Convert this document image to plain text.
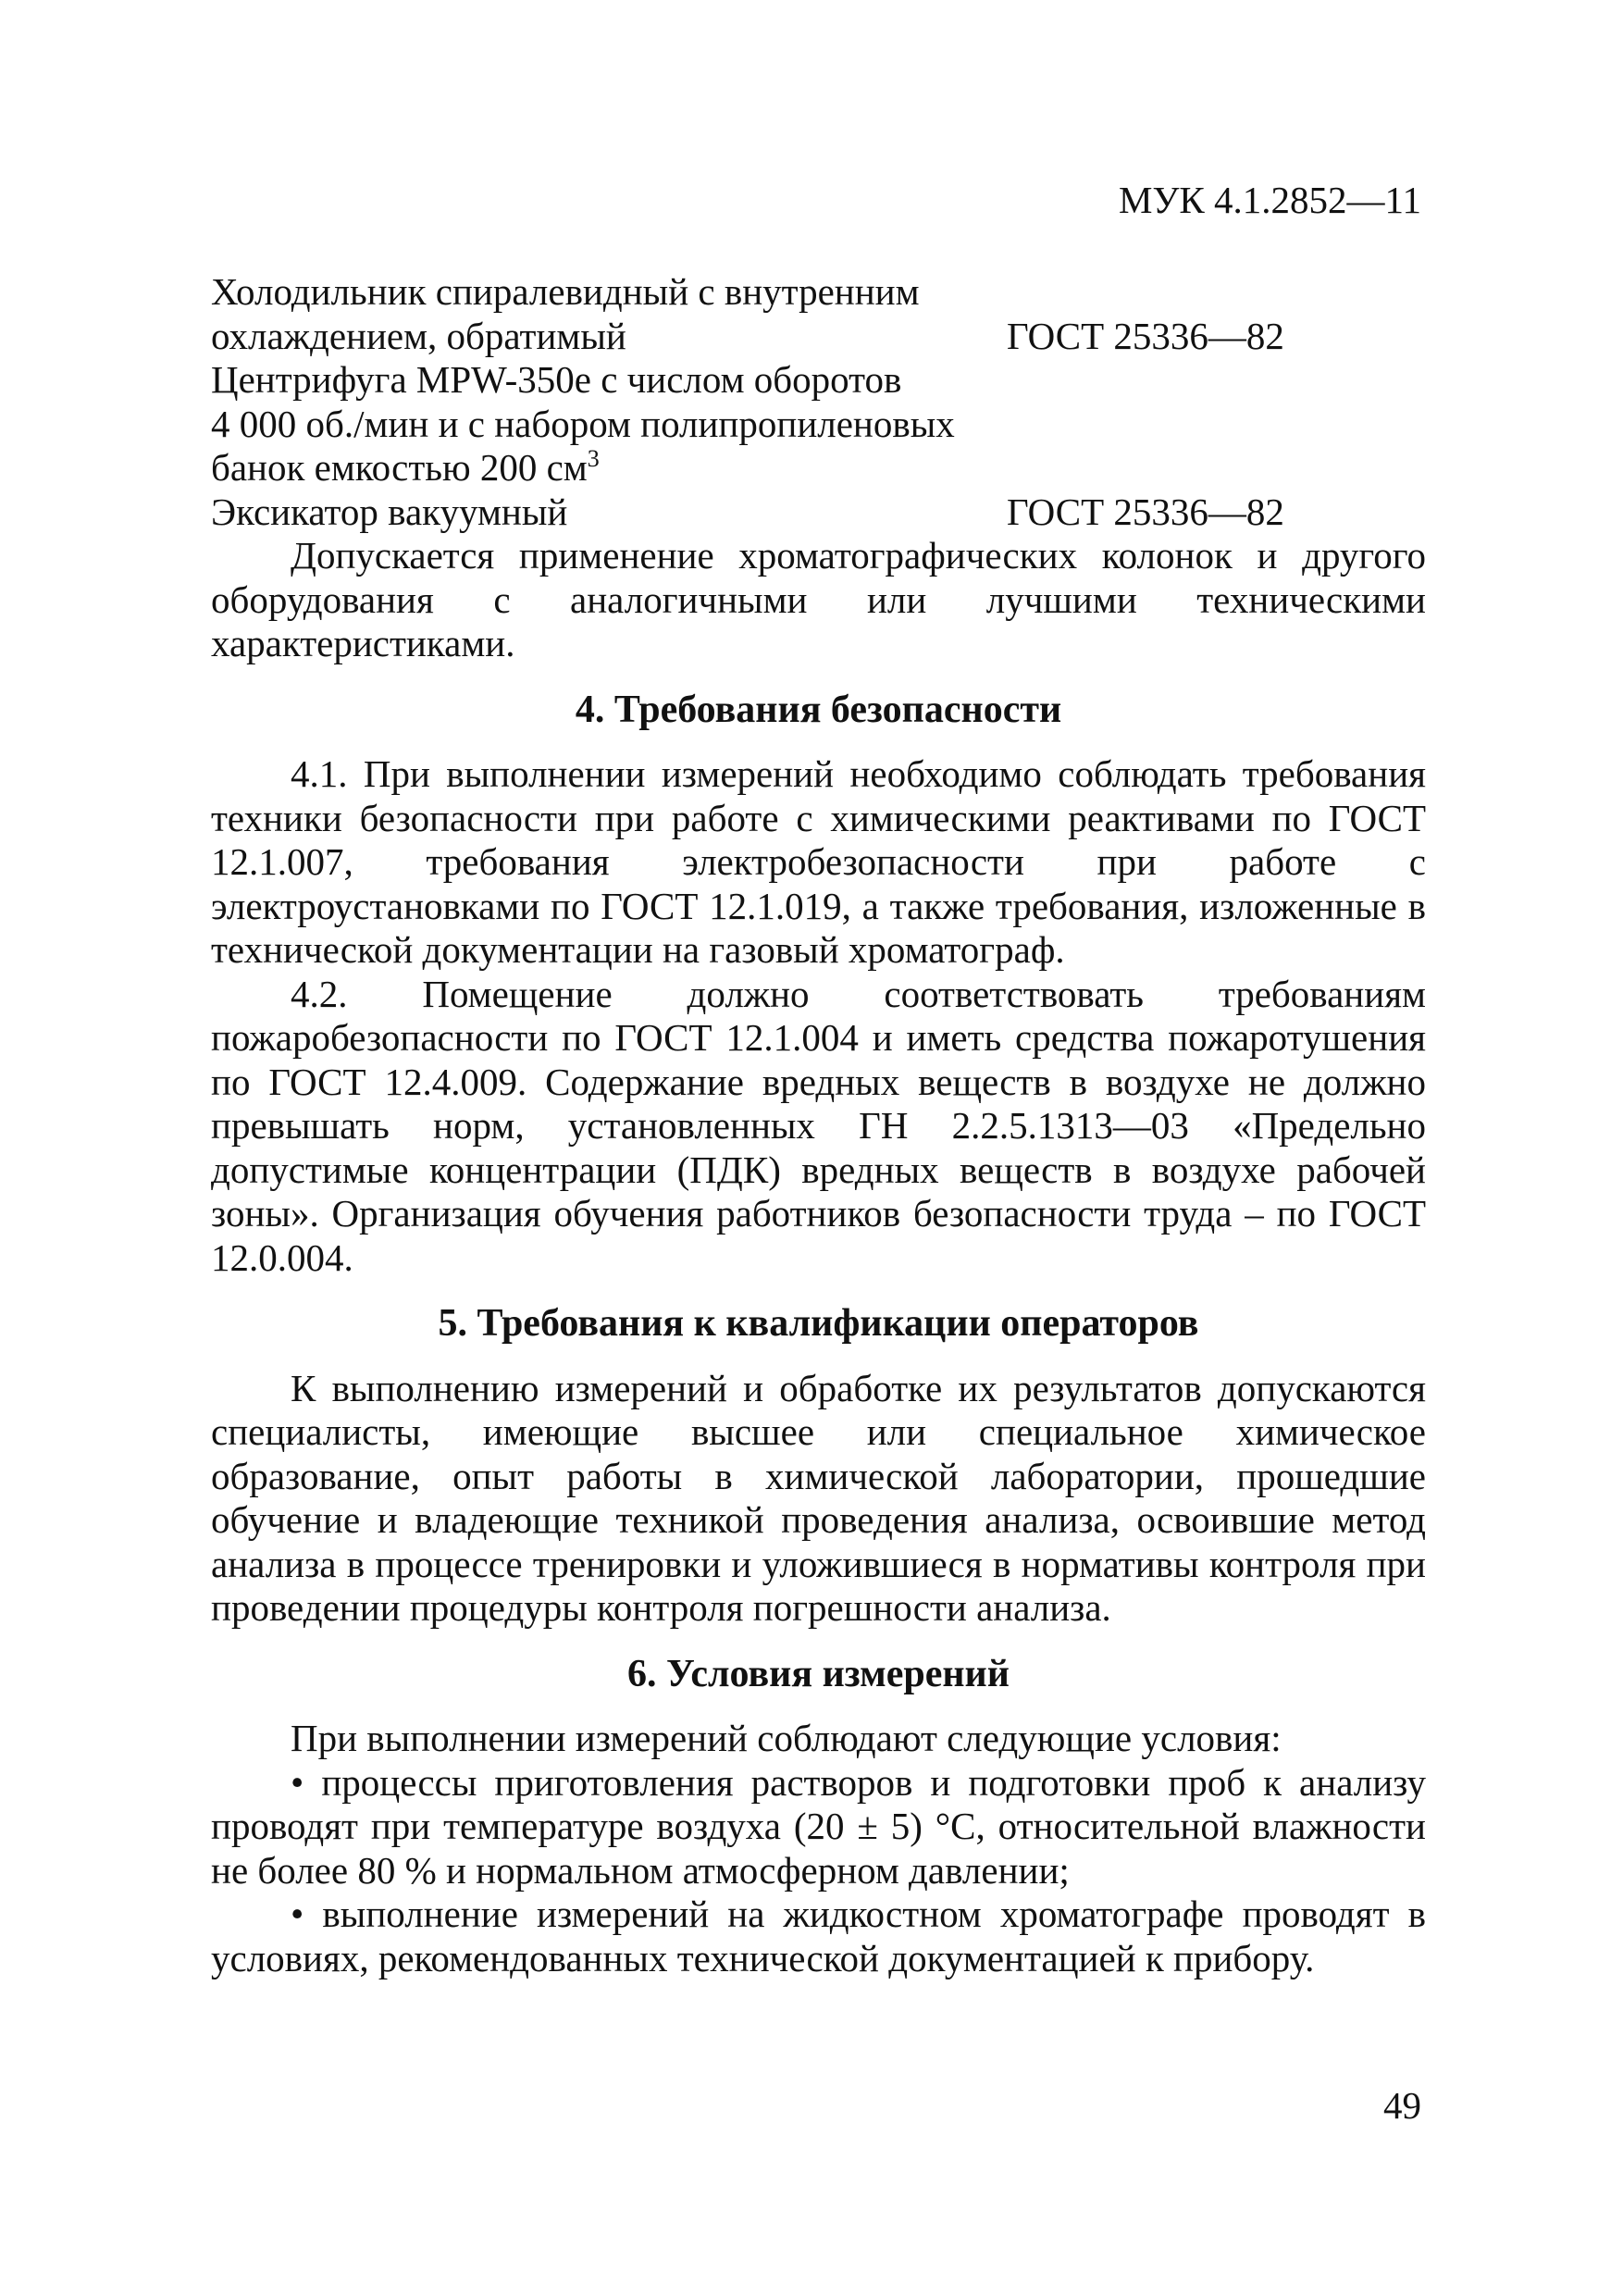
МУК 4.1.2852—11
Холодильник спиралевидный с внутренним
охлаждением, обратимый	ГОСТ 25336—82
Центрифуга MPW-350e с числом оборотов
4 000 об./мин и с набором полипропиленовых
банок емкостью 200 $см^3$
Эксикатор вакуумный	ГОСТ 25336—82

Допускается применение хроматографических колонок и другого оборудования с аналогичными или лучшими техническими характеристиками.

4. Требования безопасности

4.1. При выполнении измерений необходимо соблюдать требования техники безопасности при работе с химическими реактивами по ГОСТ 12.1.007, требования электробезопасности при работе с электроустановками по ГОСТ 12.1.019, а также требования, изложенные в технической документации на газовый хроматограф.

4.2. Помещение должно соответствовать требованиям пожаробезопасности по ГОСТ 12.1.004 и иметь средства пожаротушения по ГОСТ 12.4.009. Содержание вредных веществ в воздухе не должно превышать норм, установленных ГН 2.2.5.1313—03 «Предельно допустимые концентрации (ПДК) вредных веществ в воздухе рабочей зоны». Организация обучения работников безопасности труда – по ГОСТ 12.0.004.

5. Требования к квалификации операторов

К выполнению измерений и обработке их результатов допускаются специалисты, имеющие высшее или специальное химическое образование, опыт работы в химической лаборатории, прошедшие обучение и владеющие техникой проведения анализа, освоившие метод анализа в процессе тренировки и уложившиеся в нормативы контроля при проведении процедуры контроля погрешности анализа.

6. Условия измерений

При выполнении измерений соблюдают следующие условия:

• процессы приготовления растворов и подготовки проб к анализу проводят при температуре воздуха (20 ± 5) °С, относительной влажности не более 80 % и нормальном атмосферном давлении;

• выполнение измерений на жидкостном хроматографе проводят в условиях, рекомендованных технической документацией к прибору.

49
